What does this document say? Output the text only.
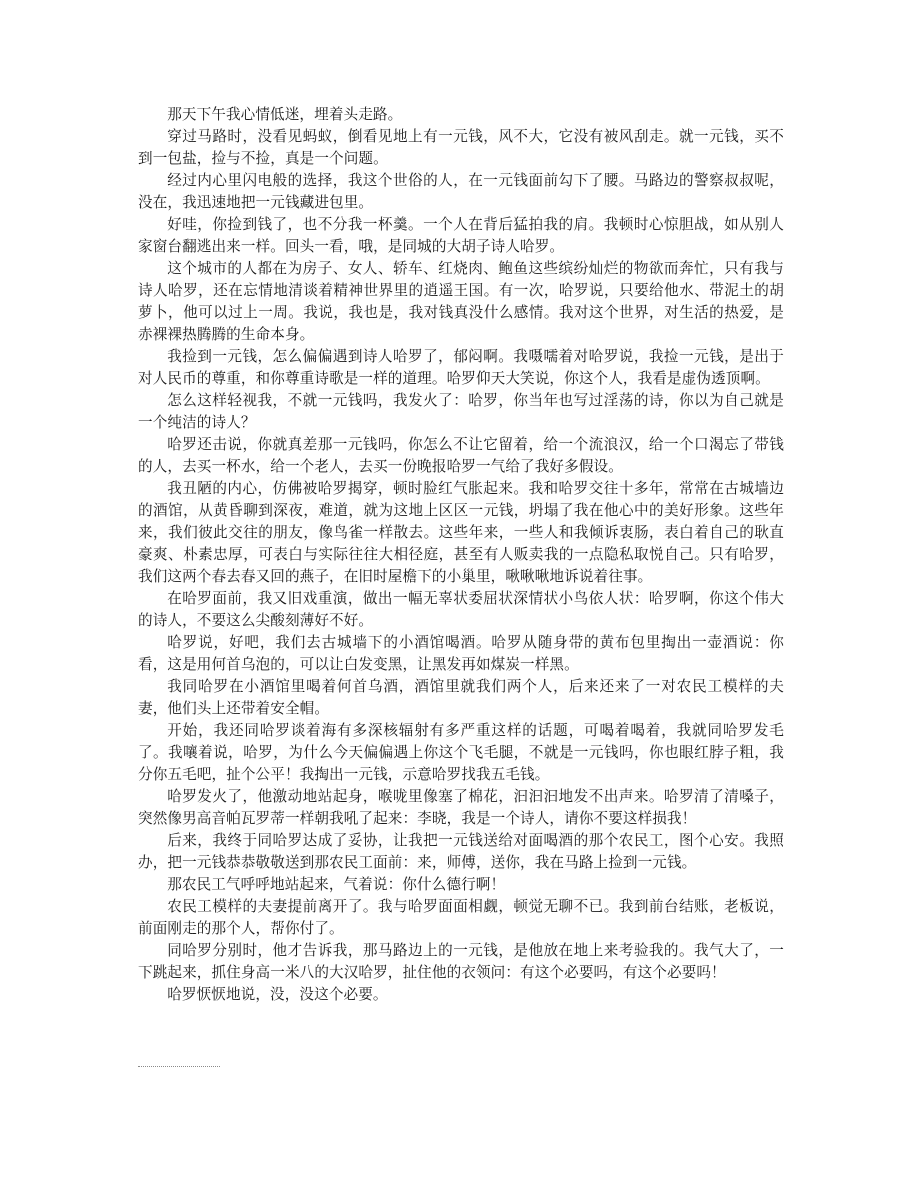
那天下午我心情低迷，埋着头走路。

穿过马路时，没看见蚂蚁，倒看见地上有一元钱，风不大，它没有被风刮走。就一元钱，买不到一包盐，捡与不捡，真是一个问题。

经过内心里闪电般的选择，我这个世俗的人，在一元钱面前勾下了腰。马路边的警察叔叔呢，没在，我迅速地把一元钱藏进包里。

好哇，你捡到钱了，也不分我一杯羹。一个人在背后猛拍我的肩。我顿时心惊胆战，如从别人家窗台翻逃出来一样。回头一看，哦，是同城的大胡子诗人哈罗。

这个城市的人都在为房子、女人、轿车、红烧肉、鲍鱼这些缤纷灿烂的物欲而奔忙，只有我与诗人哈罗，还在忘情地清谈着精神世界里的逍遥王国。有一次，哈罗说，只要给他水、带泥土的胡萝卜，他可以过上一周。我说，我也是，我对钱真没什么感情。我对这个世界，对生活的热爱，是赤裸裸热腾腾的生命本身。

我捡到一元钱，怎么偏偏遇到诗人哈罗了，郁闷啊。我嗫嚅着对哈罗说，我捡一元钱，是出于对人民币的尊重，和你尊重诗歌是一样的道理。哈罗仰天大笑说，你这个人，我看是虚伪透顶啊。

怎么这样轻视我，不就一元钱吗，我发火了：哈罗，你当年也写过淫荡的诗，你以为自己就是一个纯洁的诗人？

哈罗还击说，你就真差那一元钱吗，你怎么不让它留着，给一个流浪汉，给一个口渴忘了带钱的人，去买一杯水，给一个老人，去买一份晚报哈罗一气给了我好多假设。

我丑陋的内心，仿佛被哈罗揭穿，顿时脸红气胀起来。我和哈罗交往十多年，常常在古城墙边的酒馆，从黄昏聊到深夜，难道，就为这地上区区一元钱，坍塌了我在他心中的美好形象。这些年来，我们彼此交往的朋友，像鸟雀一样散去。这些年来，一些人和我倾诉衷肠，表白着自己的耿直豪爽、朴素忠厚，可表白与实际往往大相径庭，甚至有人贩卖我的一点隐私取悦自己。只有哈罗，我们这两个春去春又回的燕子，在旧时屋檐下的小巢里，啾啾啾地诉说着往事。

在哈罗面前，我又旧戏重演，做出一幅无辜状委屈状深情状小鸟依人状：哈罗啊，你这个伟大的诗人，不要这么尖酸刻薄好不好。

哈罗说，好吧，我们去古城墙下的小酒馆喝酒。哈罗从随身带的黄布包里掏出一壶酒说：你看，这是用何首乌泡的，可以让白发变黑，让黑发再如煤炭一样黑。

我同哈罗在小酒馆里喝着何首乌酒，酒馆里就我们两个人，后来还来了一对农民工模样的夫妻，他们头上还带着安全帽。

开始，我还同哈罗谈着海有多深核辐射有多严重这样的话题，可喝着喝着，我就同哈罗发毛了。我嚷着说，哈罗，为什么今天偏偏遇上你这个飞毛腿，不就是一元钱吗，你也眼红脖子粗，我分你五毛吧，扯个公平！我掏出一元钱，示意哈罗找我五毛钱。

哈罗发火了，他激动地站起身，喉咙里像塞了棉花，汩汩汩地发不出声来。哈罗清了清嗓子，突然像男高音帕瓦罗蒂一样朝我吼了起来：李晓，我是一个诗人，请你不要这样损我！

后来，我终于同哈罗达成了妥协，让我把一元钱送给对面喝酒的那个农民工，图个心安。我照办，把一元钱恭恭敬敬送到那农民工面前：来，师傅，送你，我在马路上捡到一元钱。

那农民工气呼呼地站起来，气着说：你什么德行啊！

农民工模样的夫妻提前离开了。我与哈罗面面相觑，顿觉无聊不已。我到前台结账，老板说，前面刚走的那个人，帮你付了。

同哈罗分别时，他才告诉我，那马路边上的一元钱，是他放在地上来考验我的。我气大了，一下跳起来，抓住身高一米八的大汉哈罗，扯住他的衣领问：有这个必要吗，有这个必要吗！

哈罗恹恹地说，没，没这个必要。
